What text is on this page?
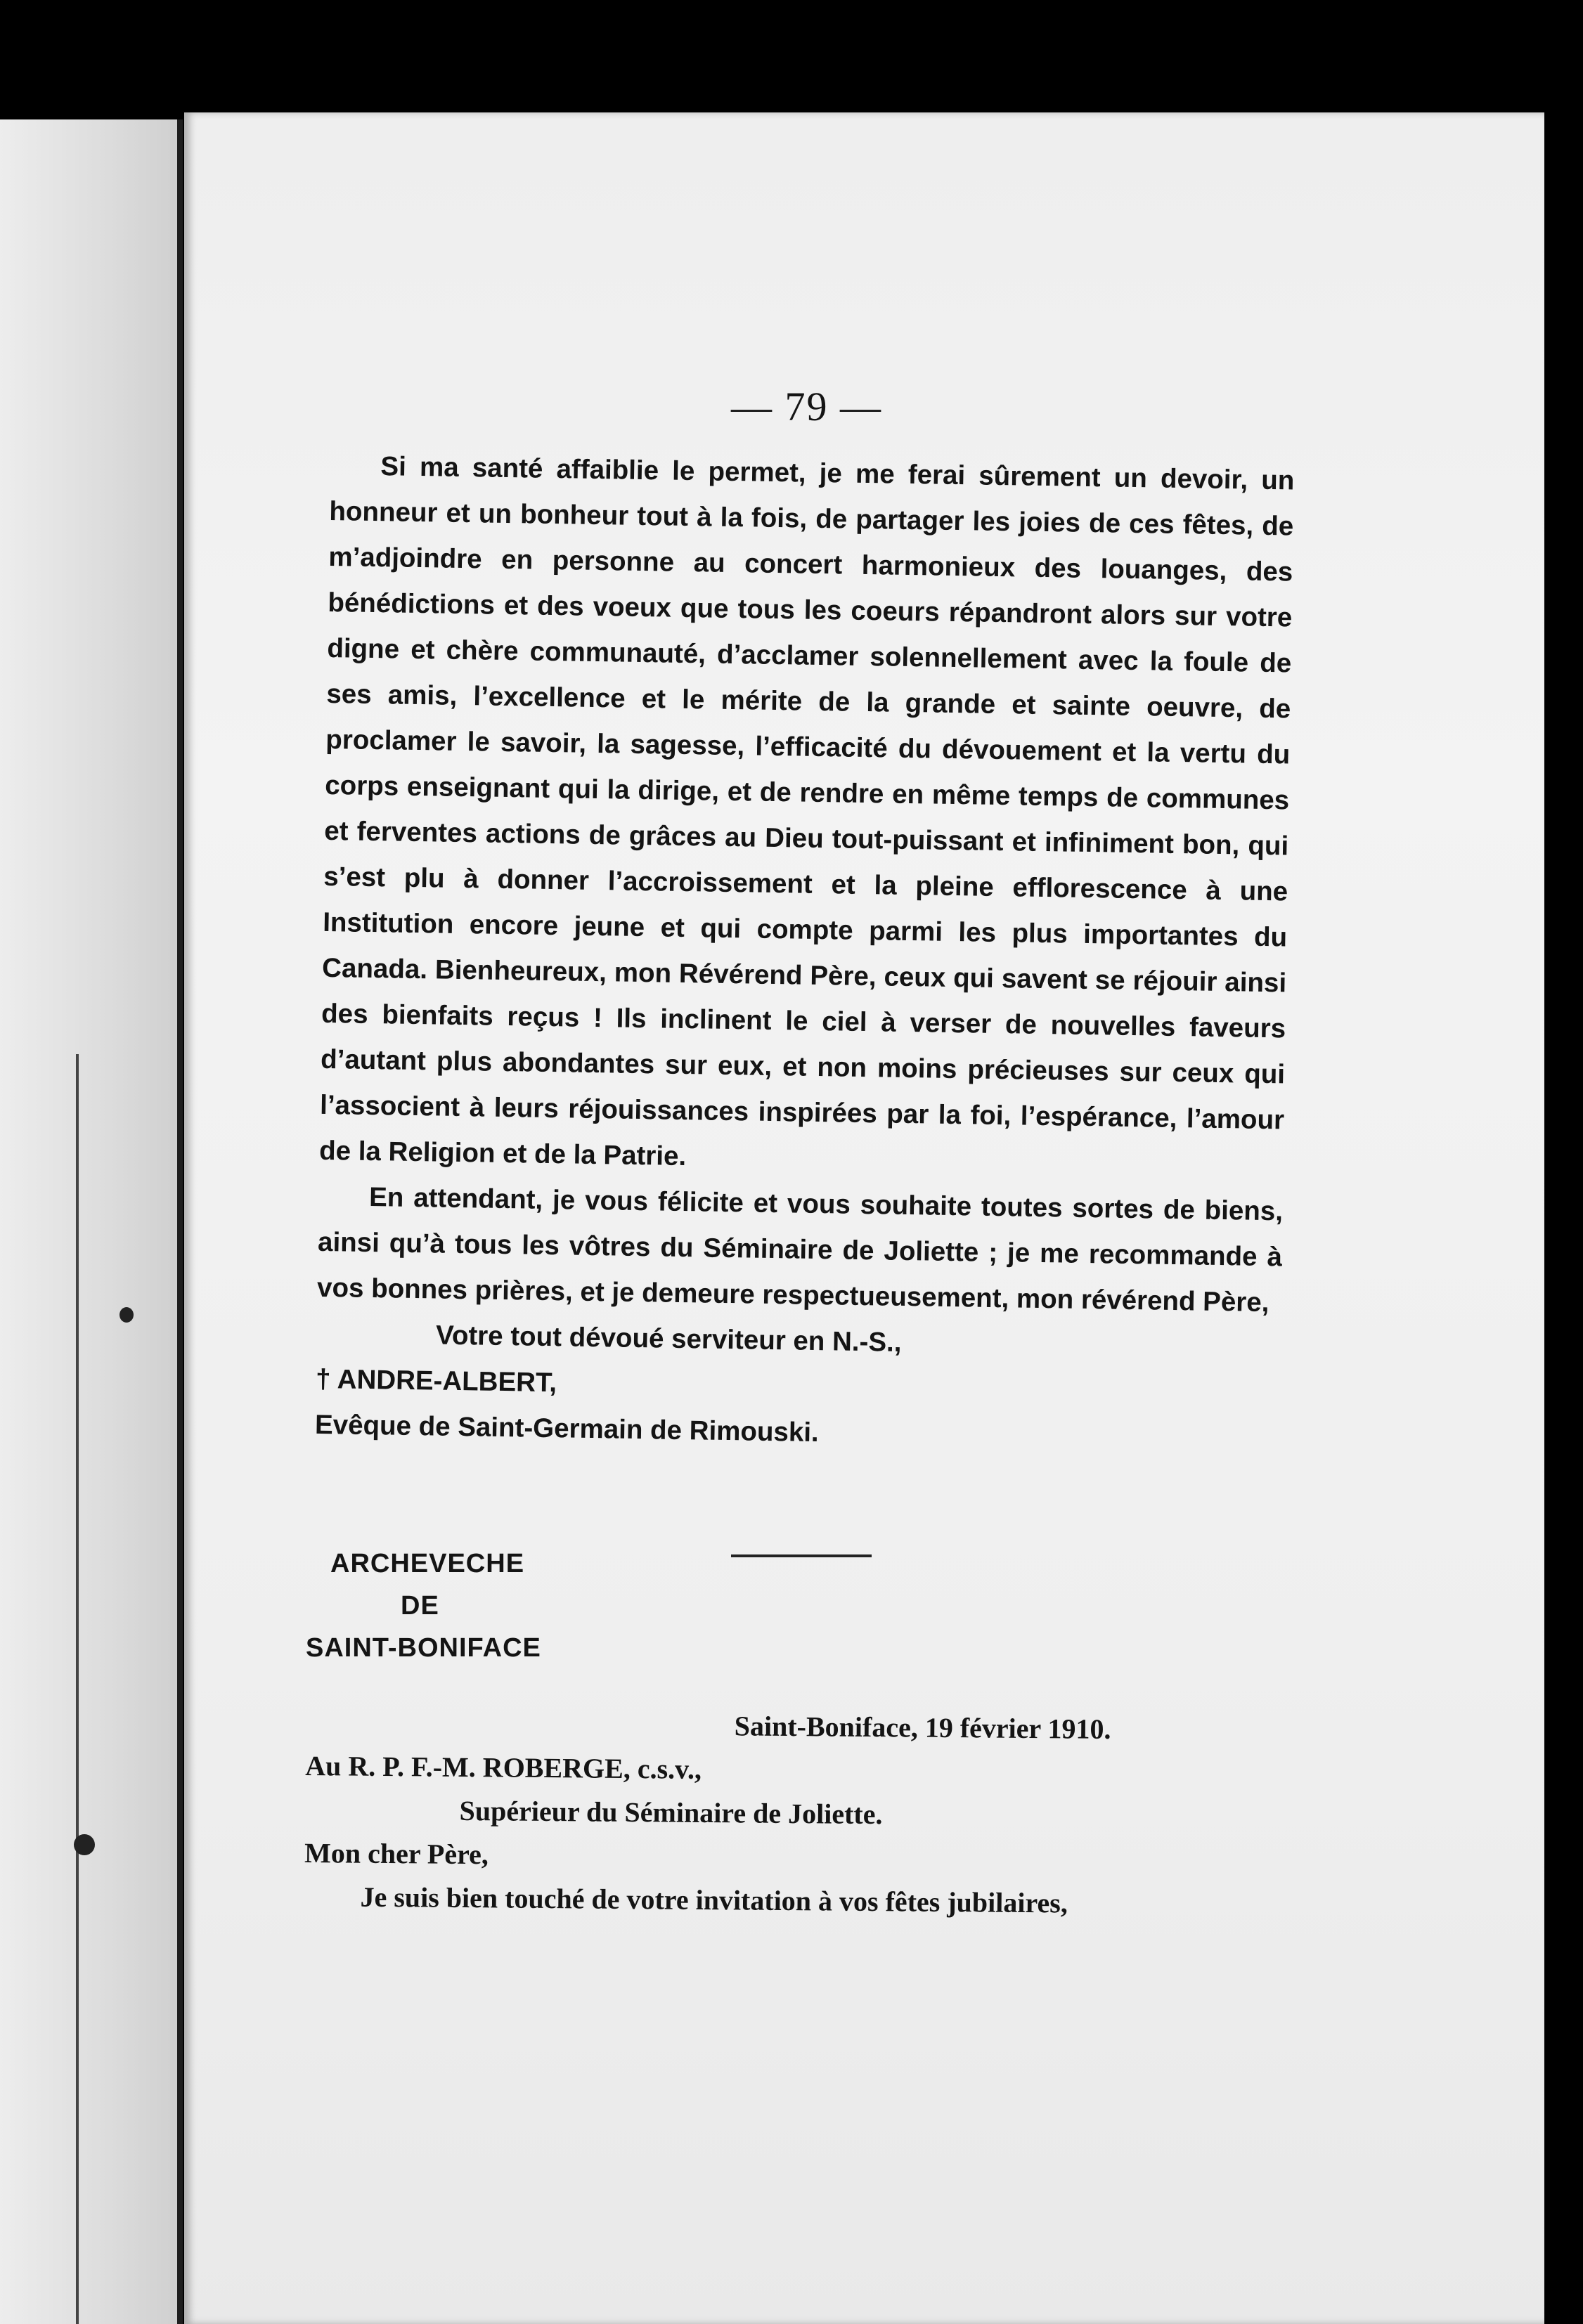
— 79 —

Si ma santé affaiblie le permet, je me ferai sûrement un devoir, un honneur et un bonheur tout à la fois, de partager les joies de ces fêtes, de m’adjoindre en personne au concert harmonieux des louanges, des bénédictions et des voeux que tous les coeurs répandront alors sur votre digne et chère communauté, d’acclamer solennellement avec la foule de ses amis, l’excellence et le mérite de la grande et sainte oeuvre, de proclamer le savoir, la sagesse, l’efficacité du dévouement et la vertu du corps enseignant qui la dirige, et de rendre en même temps de communes et ferventes actions de grâces au Dieu tout-puissant et infiniment bon, qui s’est plu à donner l’accroissement et la pleine efflorescence à une Institution encore jeune et qui compte parmi les plus importantes du Canada. Bienheureux, mon Révérend Père, ceux qui savent se réjouir ainsi des bienfaits reçus ! Ils inclinent le ciel à verser de nouvelles faveurs d’autant plus abondantes sur eux, et non moins précieuses sur ceux qui l’associent à leurs réjouissances inspirées par la foi, l’espérance, l’amour de la Religion et de la Patrie.

En attendant, je vous félicite et vous souhaite toutes sortes de biens, ainsi qu’à tous les vôtres du Séminaire de Joliette ; je me recommande à vos bonnes prières, et je demeure respectueusement, mon révérend Père,

Votre tout dévoué serviteur en N.-S.,

† ANDRE-ALBERT,

Evêque de Saint-Germain de Rimouski.

ARCHEVECHE
DE
SAINT-BONIFACE
Saint-Boniface, 19 février 1910.
Au R. P. F.-M. ROBERGE, c.s.v.,
Supérieur du Séminaire de Joliette.
Mon cher Père,
Je suis bien touché de votre invitation à vos fêtes jubilaires,
